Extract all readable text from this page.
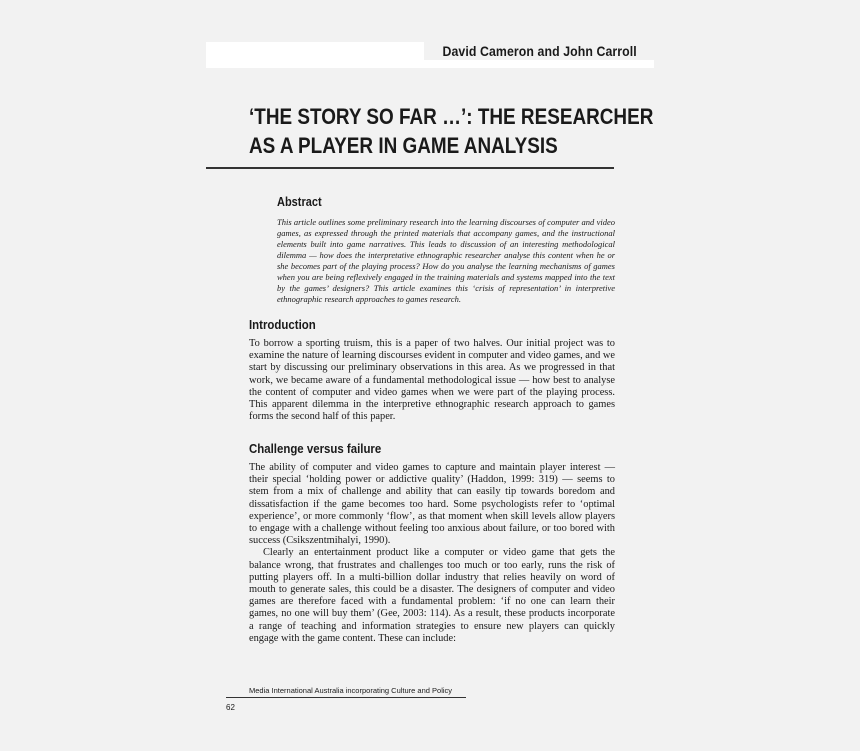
David Cameron and John Carroll
‘THE STORY SO FAR …’: THE RESEARCHER
AS A PLAYER IN GAME ANALYSIS
Abstract
This article outlines some preliminary research into the learning discourses of computer and video games, as expressed through the printed materials that accompany games, and the instructional elements built into game narratives. This leads to discussion of an interesting methodological dilemma — how does the interpretative ethnographic researcher analyse this content when he or she becomes part of the playing process? How do you analyse the learning mechanisms of games when you are being reflexively engaged in the training materials and systems mapped into the text by the games’ designers? This article examines this ‘crisis of representation’ in interpretive ethnographic research approaches to games research.
Introduction

To borrow a sporting truism, this is a paper of two halves. Our initial project was to examine the nature of learning discourses evident in computer and video games, and we start by discussing our preliminary observations in this area. As we progressed in that work, we became aware of a fundamental methodological issue — how best to analyse the content of computer and video games when we were part of the playing process. This apparent dilemma in the interpretive ethnographic research approach to games forms the second half of this paper.

Challenge versus failure

The ability of computer and video games to capture and maintain player interest — their special ‘holding power or addictive quality’ (Haddon, 1999: 319) — seems to stem from a mix of challenge and ability that can easily tip towards boredom and dissatisfaction if the game becomes too hard. Some psychologists refer to ‘optimal experience’, or more commonly ‘flow’, as that moment when skill levels allow players to engage with a challenge without feeling too anxious about failure, or too bored with success (Csikszentmihalyi, 1990).

Clearly an entertainment product like a computer or video game that gets the balance wrong, that frustrates and challenges too much or too early, runs the risk of putting players off. In a multi-billion dollar industry that relies heavily on word of mouth to generate sales, this could be a disaster. The designers of computer and video games are therefore faced with a fundamental problem: ‘if no one can learn their games, no one will buy them’ (Gee, 2003: 114). As a result, these products incorporate a range of teaching and information strategies to ensure new players can quickly engage with the game content. These can include:

Media International Australia incorporating Culture and Policy
62
